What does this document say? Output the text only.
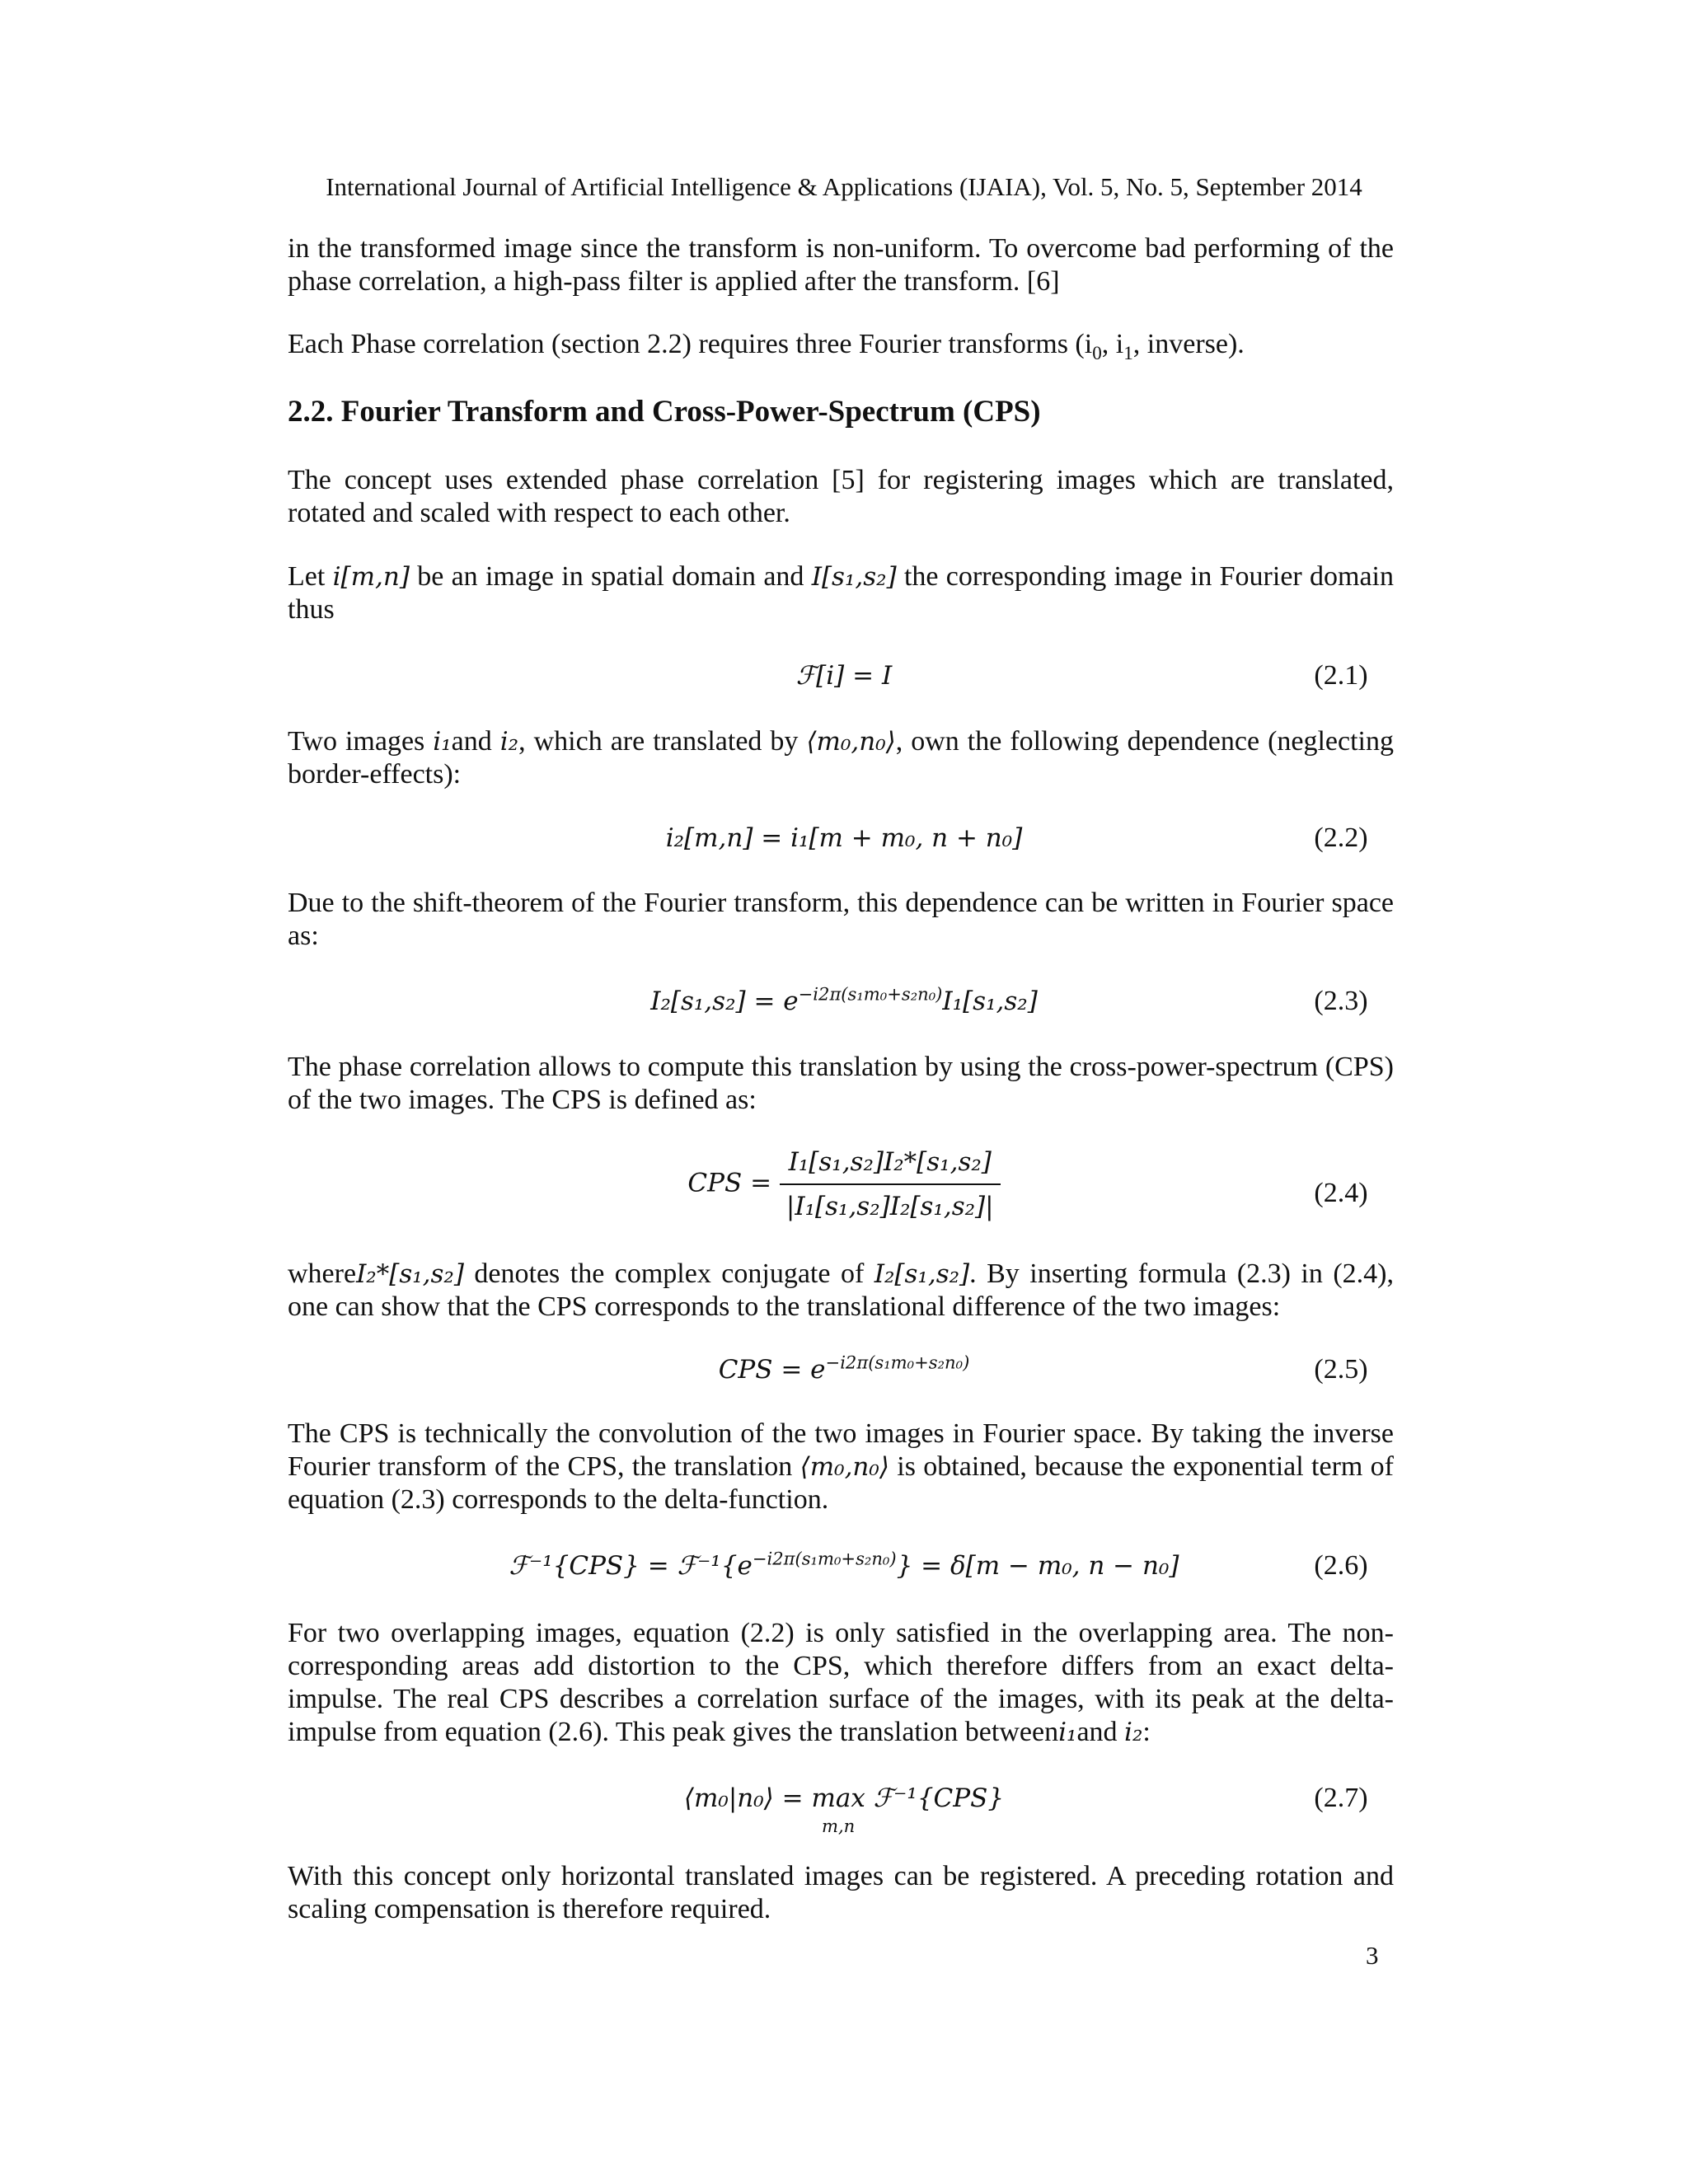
International Journal of Artificial Intelligence & Applications (IJAIA), Vol. 5, No. 5, September 2014
in the transformed image since the transform is non-uniform. To overcome bad performing of the phase correlation, a high-pass filter is applied after the transform. [6]
Each Phase correlation (section 2.2) requires three Fourier transforms ($i_0$, $i_1$, inverse).
2.2. Fourier Transform and Cross-Power-Spectrum (CPS)
The concept uses extended phase correlation [5] for registering images which are translated, rotated and scaled with respect to each other.
Let i[m,n] be an image in spatial domain and I[s₁,s₂] the corresponding image in Fourier domain thus
ℱ[i] = I	(2.1)
Two images i₁and i₂, which are translated by ⟨m₀,n₀⟩, own the following dependence (neglecting border-effects):
i₂[m,n] = i₁[m + m₀, n + n₀]	(2.2)
Due to the shift-theorem of the Fourier transform, this dependence can be written in Fourier space as:
$I_2[s_1,s_2] = e^{-i2\pi(s_1m_0+s_2n_0)}I_1[s_1,s_2]$	(2.3)
The phase correlation allows to compute this translation by using the cross-power-spectrum (CPS) of the two images. The CPS is defined as:
CPS = $\frac{\text{I₁[s₁,s₂]I₂*[s₁,s₂]}}{\text{|I₁[s₁,s₂]I₂[s₁,s₂]|}}$	(2.4)
whereI₂*[s₁,s₂] denotes the complex conjugate of I₂[s₁,s₂]. By inserting formula (2.3) in (2.4), one can show that the CPS corresponds to the translational difference of the two images:
CPS = $e^{-i2\pi(s_1m_0+s_2n_0)}$	(2.5)
The CPS is technically the convolution of the two images in Fourier space. By taking the inverse Fourier transform of the CPS, the translation ⟨m₀,n₀⟩ is obtained, because the exponential term of equation (2.3) corresponds to the delta-function.
ℱ⁻¹{CPS} = $ℱ^{-1}\{e^{-i2\pi(s_1m_0+s_2n_0)}\} = \delta[m - m_0$, n − n₀]	(2.6)
For two overlapping images, equation (2.2) is only satisfied in the overlapping area. The non-corresponding areas add distortion to the CPS, which therefore differs from an exact delta-impulse. The real CPS describes a correlation surface of the images, with its peak at the delta-impulse from equation (2.6). This peak gives the translation betweeni₁and i₂:
⟨m₀|n₀⟩ = max
m,n
ℱ⁻¹{CPS}	(2.7)
With this concept only horizontal translated images can be registered. A preceding rotation and scaling compensation is therefore required.
3
